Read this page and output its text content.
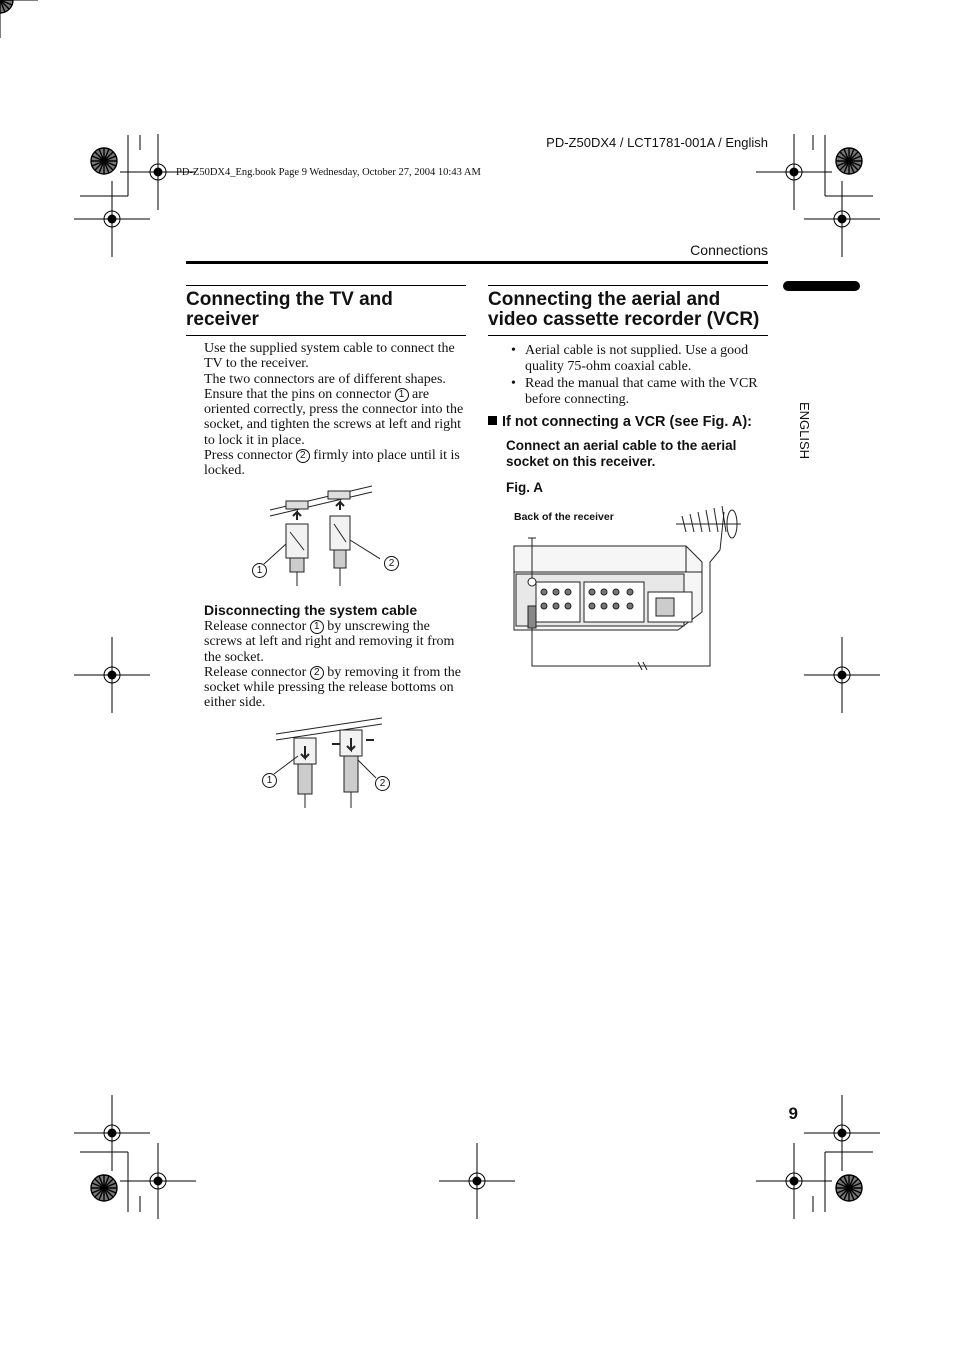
PD-Z50DX4 / LCT1781-001A / English
PD-Z50DX4_Eng.book Page 9 Wednesday, October 27, 2004 10:43 AM
Connections
ENGLISH
Connecting the TV and
receiver

Use the supplied system cable to connect the TV to the receiver.

The two connectors are of different shapes. Ensure that the pins on connector 1 are oriented correctly, press the connector into the socket, and tighten the screws at left and right to lock it in place.

Press connector 2 firmly into place until it is locked.

1
2
Disconnecting the system cable

Release connector 1 by unscrewing the screws at left and right and removing it from the socket.

Release connector 2 by removing it from the socket while pressing the release bottoms on either side.

1	2
Connecting the aerial and
video cassette recorder (VCR)
• Aerial cable is not supplied. Use a good quality 75-ohm coaxial cable.
• Read the manual that came with the VCR before connecting.
If not connecting a VCR (see Fig. A):
Connect an aerial cable to the aerial socket on this receiver.
Fig. A
Back of the receiver
9
